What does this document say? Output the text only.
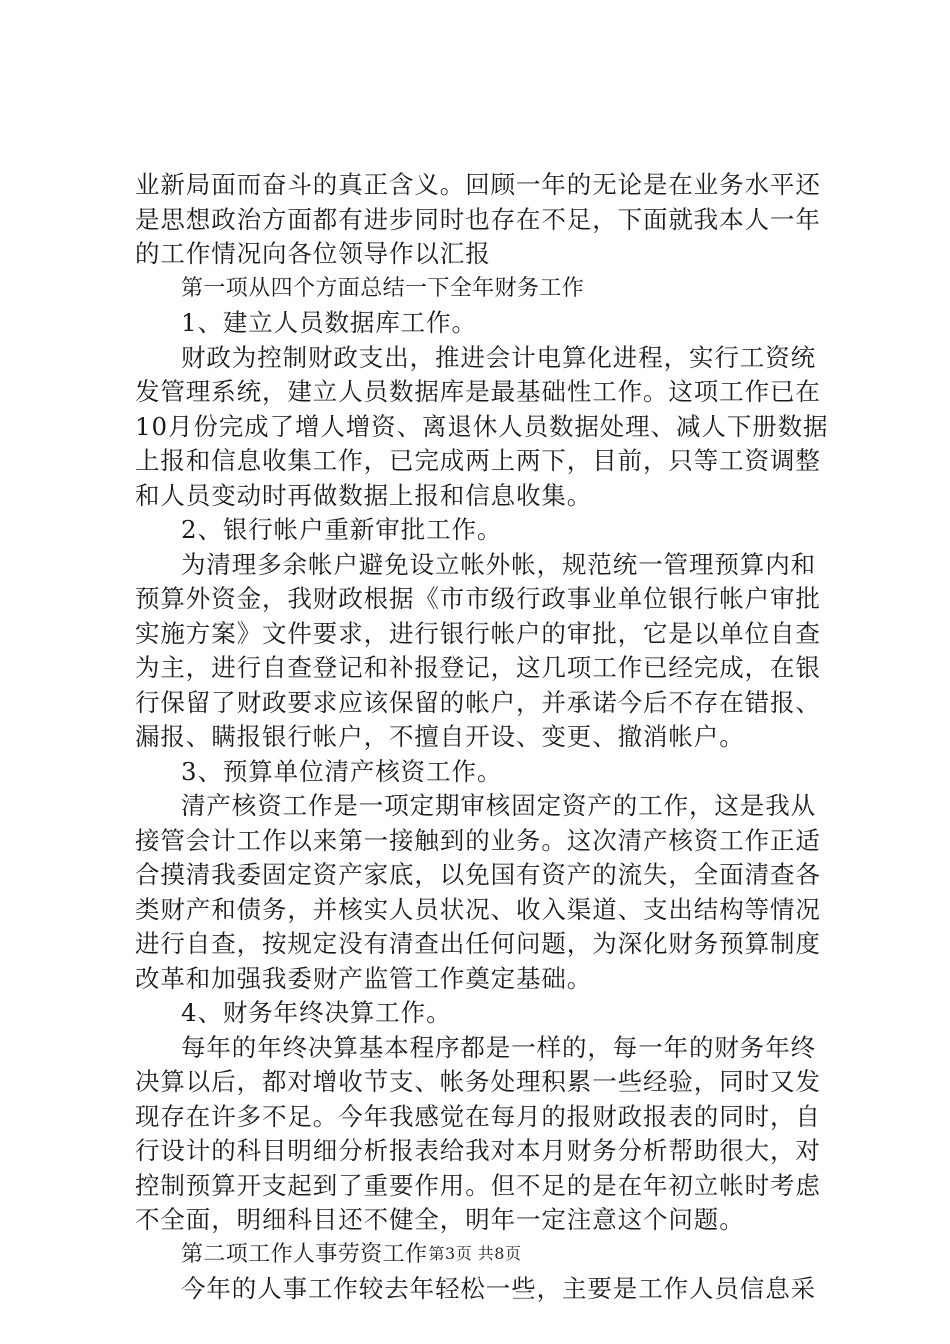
业新局面而奋斗的真正含义。回顾一年的无论是在业务水平还
是思想政治方面都有进步同时也存在不足，下面就我本人一年
的工作情况向各位领导作以汇报
第一项从四个方面总结一下全年财务工作
1、建立人员数据库工作。
财政为控制财政支出，推进会计电算化进程，实行工资统
发管理系统，建立人员数据库是最基础性工作。这项工作已在
10月份完成了增人增资、离退休人员数据处理、减人下册数据
上报和信息收集工作，已完成两上两下，目前，只等工资调整
和人员变动时再做数据上报和信息收集。
2、银行帐户重新审批工作。
为清理多余帐户避免设立帐外帐，规范统一管理预算内和
预算外资金，我财政根据《市市级行政事业单位银行帐户审批
实施方案》文件要求，进行银行帐户的审批，它是以单位自查
为主，进行自查登记和补报登记，这几项工作已经完成，在银
行保留了财政要求应该保留的帐户，并承诺今后不存在错报、
漏报、瞒报银行帐户，不擅自开设、变更、撤消帐户。
3、预算单位清产核资工作。
清产核资工作是一项定期审核固定资产的工作，这是我从
接管会计工作以来第一接触到的业务。这次清产核资工作正适
合摸清我委固定资产家底，以免国有资产的流失，全面清查各
类财产和债务，并核实人员状况、收入渠道、支出结构等情况
进行自查，按规定没有清查出任何问题，为深化财务预算制度
改革和加强我委财产监管工作奠定基础。
4、财务年终决算工作。
每年的年终决算基本程序都是一样的，每一年的财务年终
决算以后，都对增收节支、帐务处理积累一些经验，同时又发
现存在许多不足。今年我感觉在每月的报财政报表的同时，自
行设计的科目明细分析报表给我对本月财务分析帮助很大，对
控制预算开支起到了重要作用。但不足的是在年初立帐时考虑
不全面，明细科目还不健全，明年一定注意这个问题。
第二项工作人事劳资工作
今年的人事工作较去年轻松一些，主要是工作人员信息采
第3页 共8页
